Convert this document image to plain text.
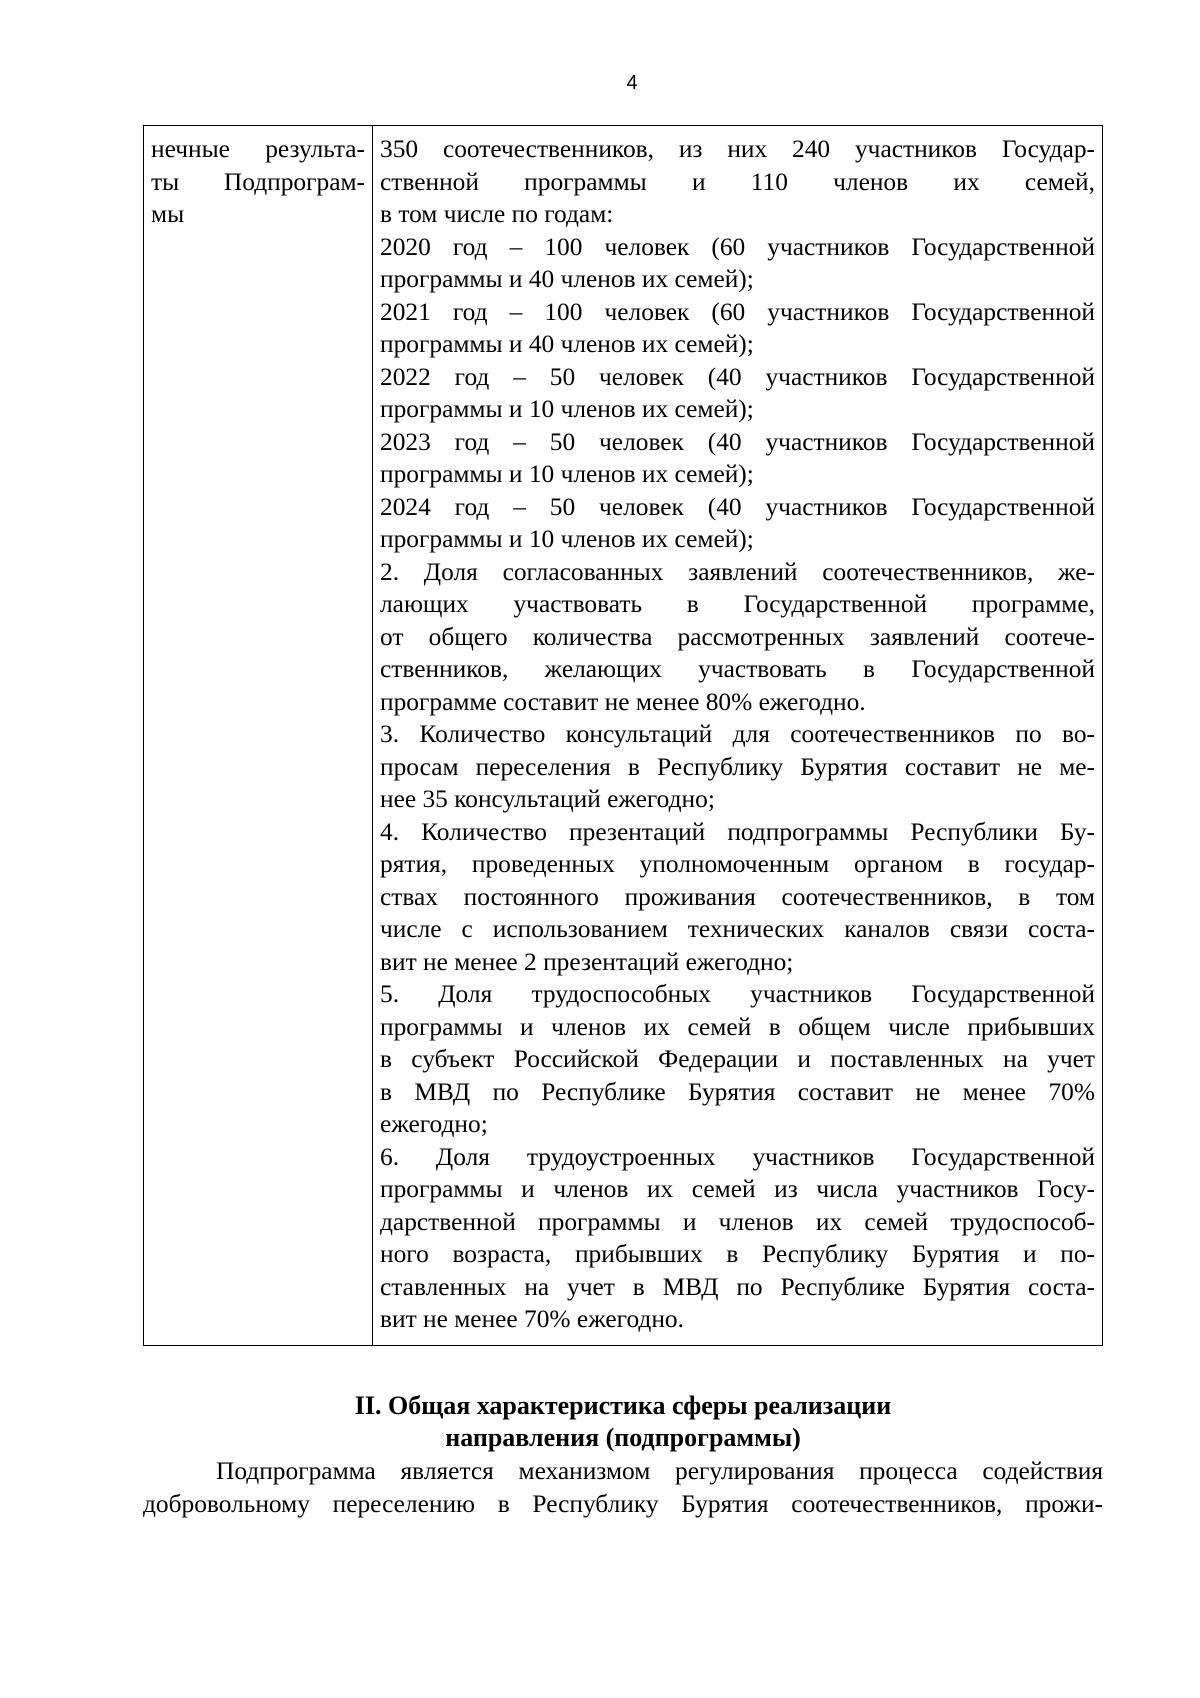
4
нечные результа-
ты Подпрограм-
мы

350 соотечественников, из них 240 участников Государ-
ственной программы и 110 членов их семей,
в том числе по годам:
2020 год – 100 человек (60 участников Государственной
программы и 40 членов их семей);
2021 год – 100 человек (60 участников Государственной
программы и 40 членов их семей);
2022 год – 50 человек (40 участников Государственной
программы и 10 членов их семей);
2023 год – 50 человек (40 участников Государственной
программы и 10 членов их семей);
2024 год – 50 человек (40 участников Государственной
программы и 10 членов их семей);
2. Доля согласованных заявлений соотечественников, же-
лающих участвовать в Государственной программе,
от общего количества рассмотренных заявлений соотече-
ственников, желающих участвовать в Государственной
программе составит не менее 80% ежегодно.
3. Количество консультаций для соотечественников по во-
просам переселения в Республику Бурятия составит не ме-
нее 35 консультаций ежегодно;
4. Количество презентаций подпрограммы Республики Бу-
рятия, проведенных уполномоченным органом в государ-
ствах постоянного проживания соотечественников, в том
числе с использованием технических каналов связи соста-
вит не менее 2 презентаций ежегодно;
5. Доля трудоспособных участников Государственной
программы и членов их семей в общем числе прибывших
в субъект Российской Федерации и поставленных на учет
в МВД по Республике Бурятия составит не менее 70%
ежегодно;
6. Доля трудоустроенных участников Государственной
программы и членов их семей из числа участников Госу-
дарственной программы и членов их семей трудоспособ-
ного возраста, прибывших в Республику Бурятия и по-
ставленных на учет в МВД по Республике Бурятия соста-
вит не менее 70% ежегодно.
II. Общая характеристика сферы реализации
направления (подпрограммы)
Подпрограмма является механизмом регулирования процесса содействия
добровольному переселению в Республику Бурятия соотечественников, прожи-
